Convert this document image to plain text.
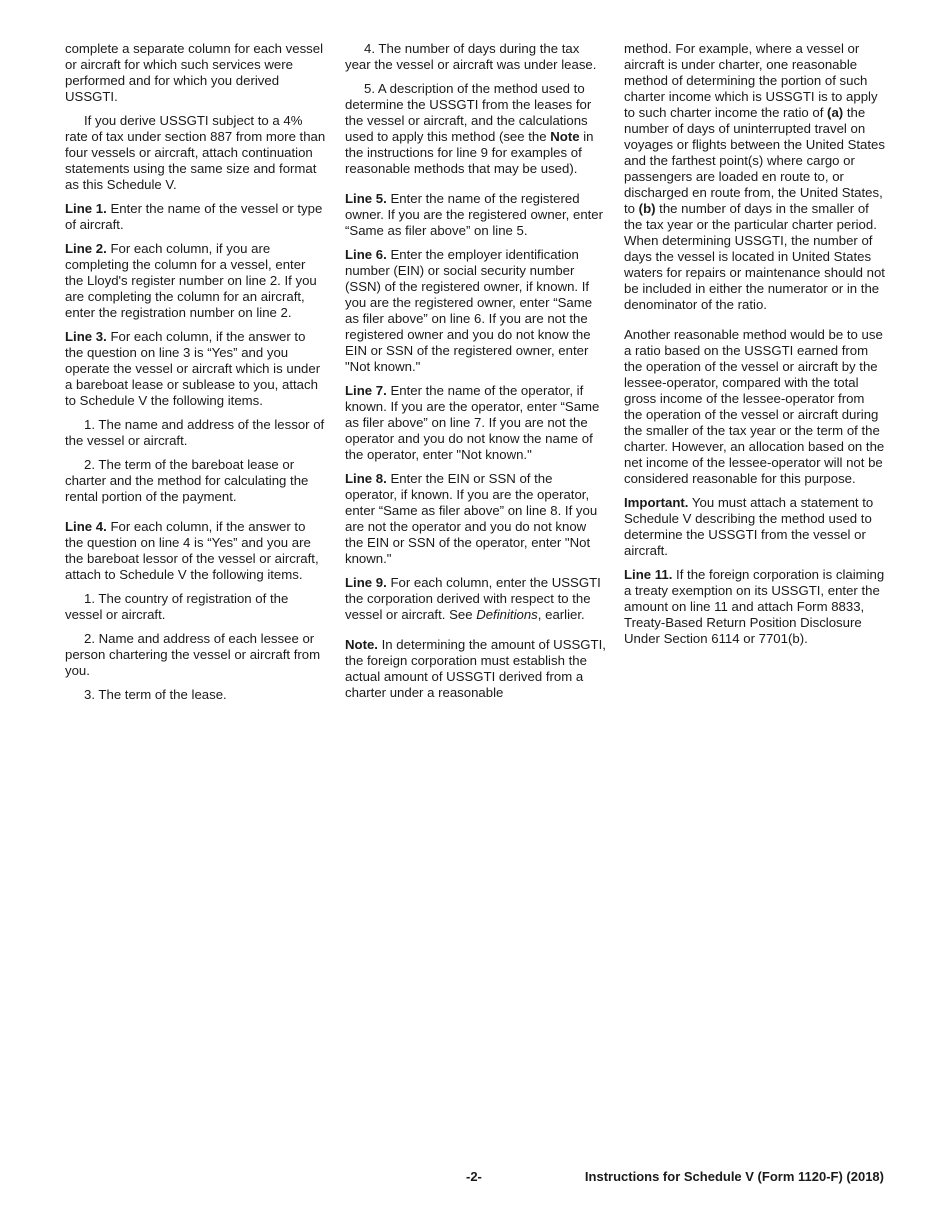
complete a separate column for each vessel or aircraft for which such services were performed and for which you derived USSGTI.

If you derive USSGTI subject to a 4% rate of tax under section 887 from more than four vessels or aircraft, attach continuation statements using the same size and format as this Schedule V.

Line 1. Enter the name of the vessel or type of aircraft.

Line 2. For each column, if you are completing the column for a vessel, enter the Lloyd's register number on line 2. If you are completing the column for an aircraft, enter the registration number on line 2.

Line 3. For each column, if the answer to the question on line 3 is “Yes” and you operate the vessel or aircraft which is under a bareboat lease or sublease to you, attach to Schedule V the following items.

1. The name and address of the lessor of the vessel or aircraft.

2. The term of the bareboat lease or charter and the method for calculating the rental portion of the payment.

Line 4. For each column, if the answer to the question on line 4 is “Yes” and you are the bareboat lessor of the vessel or aircraft, attach to Schedule V the following items.

1. The country of registration of the vessel or aircraft.

2. Name and address of each lessee or person chartering the vessel or aircraft from you.

3. The term of the lease.

4. The number of days during the tax year the vessel or aircraft was under lease.

5. A description of the method used to determine the USSGTI from the leases for the vessel or aircraft, and the calculations used to apply this method (see the Note in the instructions for line 9 for examples of reasonable methods that may be used).

Line 5. Enter the name of the registered owner. If you are the registered owner, enter “Same as filer above” on line 5.

Line 6. Enter the employer identification number (EIN) or social security number (SSN) of the registered owner, if known. If you are the registered owner, enter “Same as filer above” on line 6. If you are not the registered owner and you do not know the EIN or SSN of the registered owner, enter "Not known."

Line 7. Enter the name of the operator, if known. If you are the operator, enter “Same as filer above” on line 7. If you are not the operator and you do not know the name of the operator, enter "Not known."

Line 8. Enter the EIN or SSN of the operator, if known. If you are the operator, enter “Same as filer above” on line 8. If you are not the operator and you do not know the EIN or SSN of the operator, enter "Not known."

Line 9. For each column, enter the USSGTI the corporation derived with respect to the vessel or aircraft. See Definitions, earlier.

Note. In determining the amount of USSGTI, the foreign corporation must establish the actual amount of USSGTI derived from a charter under a reasonable

method. For example, where a vessel or aircraft is under charter, one reasonable method of determining the portion of such charter income which is USSGTI is to apply to such charter income the ratio of (a) the number of days of uninterrupted travel on voyages or flights between the United States and the farthest point(s) where cargo or passengers are loaded en route to, or discharged en route from, the United States, to (b) the number of days in the smaller of the tax year or the particular charter period. When determining USSGTI, the number of days the vessel is located in United States waters for repairs or maintenance should not be included in either the numerator or in the denominator of the ratio.

Another reasonable method would be to use a ratio based on the USSGTI earned from the operation of the vessel or aircraft by the lessee-operator, compared with the total gross income of the lessee-operator from the operation of the vessel or aircraft during the smaller of the tax year or the term of the charter. However, an allocation based on the net income of the lessee-operator will not be considered reasonable for this purpose.

Important. You must attach a statement to Schedule V describing the method used to determine the USSGTI from the vessel or aircraft.

Line 11. If the foreign corporation is claiming a treaty exemption on its USSGTI, enter the amount on line 11 and attach Form 8833, Treaty-Based Return Position Disclosure Under Section 6114 or 7701(b).

-2-	Instructions for Schedule V (Form 1120-F) (2018)
